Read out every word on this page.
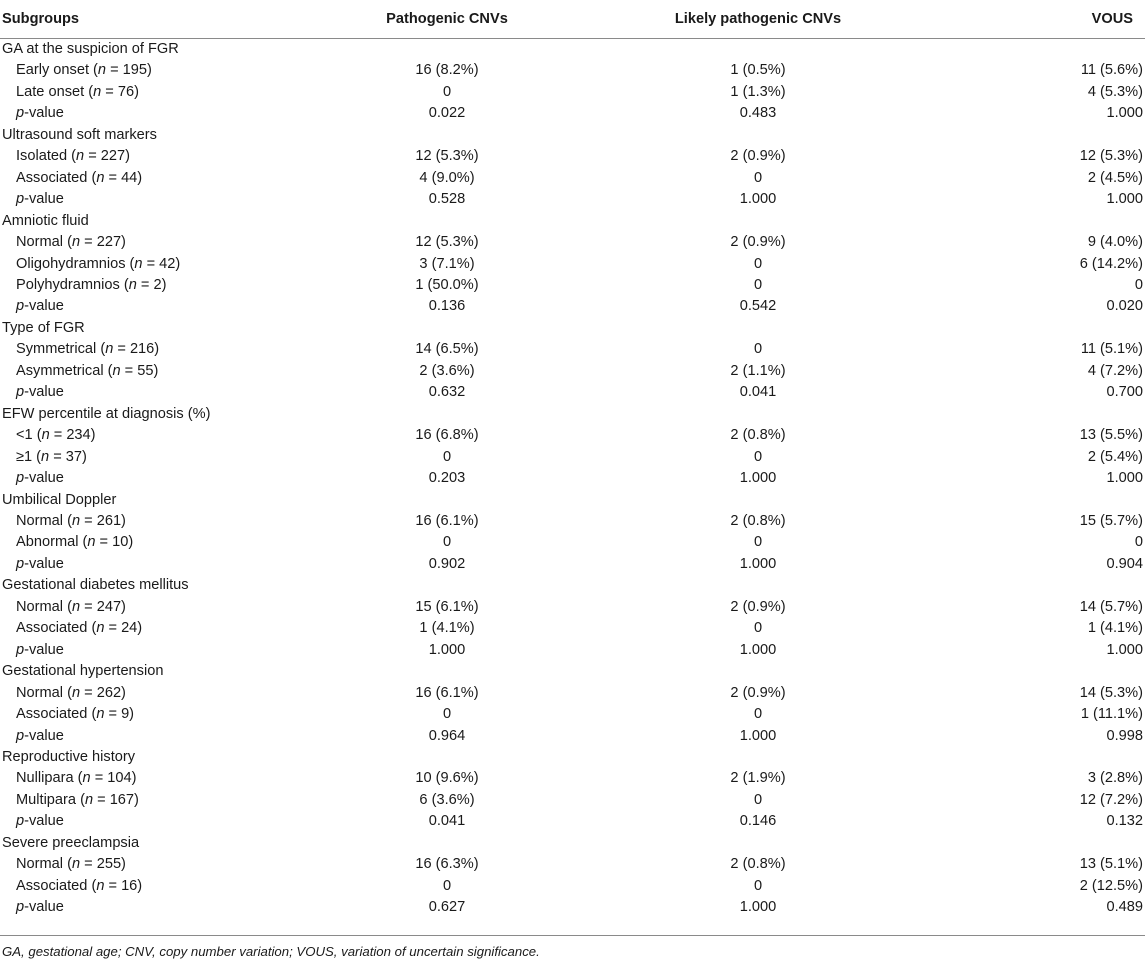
Subgroups	Pathogenic CNVs	Likely pathogenic CNVs	VOUS
GA at the suspicion of FGR			
Early onset (n = 195)	16 (8.2%)	1 (0.5%)	11 (5.6%)
Late onset (n = 76)	0	1 (1.3%)	4 (5.3%)
p-value	0.022	0.483	1.000
Ultrasound soft markers			
Isolated (n = 227)	12 (5.3%)	2 (0.9%)	12 (5.3%)
Associated (n = 44)	4 (9.0%)	0	2 (4.5%)
p-value	0.528	1.000	1.000
Amniotic fluid			
Normal (n = 227)	12 (5.3%)	2 (0.9%)	9 (4.0%)
Oligohydramnios (n = 42)	3 (7.1%)	0	6 (14.2%)
Polyhydramnios (n = 2)	1 (50.0%)	0	0
p-value	0.136	0.542	0.020
Type of FGR			
Symmetrical (n = 216)	14 (6.5%)	0	11 (5.1%)
Asymmetrical (n = 55)	2 (3.6%)	2 (1.1%)	4 (7.2%)
p-value	0.632	0.041	0.700
EFW percentile at diagnosis (%)			
<1 (n = 234)	16 (6.8%)	2 (0.8%)	13 (5.5%)
≥1 (n = 37)	0	0	2 (5.4%)
p-value	0.203	1.000	1.000
Umbilical Doppler			
Normal (n = 261)	16 (6.1%)	2 (0.8%)	15 (5.7%)
Abnormal (n = 10)	0	0	0
p-value	0.902	1.000	0.904
Gestational diabetes mellitus			
Normal (n = 247)	15 (6.1%)	2 (0.9%)	14 (5.7%)
Associated (n = 24)	1 (4.1%)	0	1 (4.1%)
p-value	1.000	1.000	1.000
Gestational hypertension			
Normal (n = 262)	16 (6.1%)	2 (0.9%)	14 (5.3%)
Associated (n = 9)	0	0	1 (11.1%)
p-value	0.964	1.000	0.998
Reproductive history			
Nullipara (n = 104)	10 (9.6%)	2 (1.9%)	3 (2.8%)
Multipara (n = 167)	6 (3.6%)	0	12 (7.2%)
p-value	0.041	0.146	0.132
Severe preeclampsia			
Normal (n = 255)	16 (6.3%)	2 (0.8%)	13 (5.1%)
Associated (n = 16)	0	0	2 (12.5%)
p-value	0.627	1.000	0.489
GA, gestational age; CNV, copy number variation; VOUS, variation of uncertain significance.
